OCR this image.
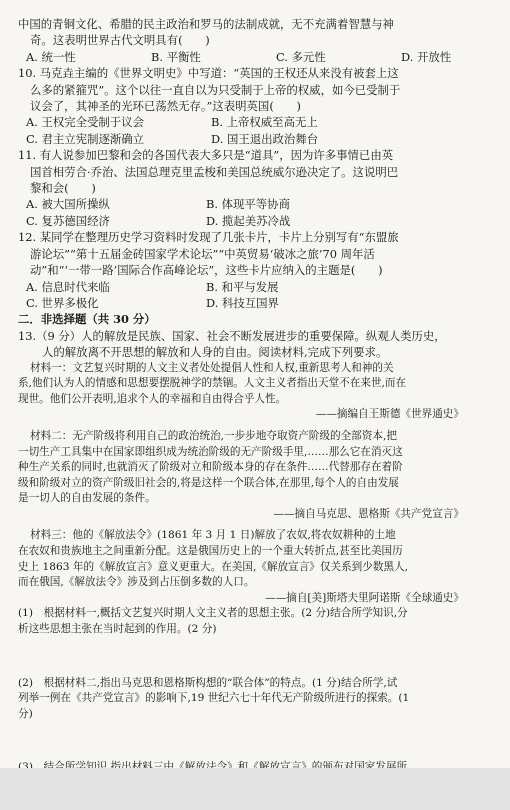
中国的青铜文化、希腊的民主政治和罗马的法制成就，无不充满着智慧与神
奇。这表明世界古代文明具有(　　)
A. 统一性	B. 平衡性	C. 多元性	D. 开放性
10. 马克垚主编的《世界文明史》中写道：“英国的王权还从来没有被套上这
么多的紧箍咒”。这个以往一直自以为只受制于上帝的权威，如今已受制于
议会了，其神圣的光环已荡然无存。”这表明英国(　　)
A. 王权完全受制于议会	B. 上帝权威至高无上
C. 君主立宪制逐渐确立	D. 国王退出政治舞台
11. 有人说参加巴黎和会的各国代表大多只是“道具”，因为许多事情已由英
国首相劳合·乔治、法国总理克里孟梭和美国总统威尔逊决定了。这说明巴
黎和会(　　)
A. 被大国所操纵	B. 体现平等协商
C. 复苏德国经济	D. 揽起美苏冷战
12. 某同学在整理历史学习资料时发现了几张卡片，卡片上分别写有“东盟旅
游论坛”“第十五届金砖国家学术论坛”“中英贸易‘破冰之旅’70 周年活
动”和“‘一带一路’国际合作高峰论坛”，这些卡片应纳入的主题是(　　)
A. 信息时代来临	B. 和平与发展
C. 世界多极化	D. 科技互国界
二．非选择题（共 30 分）
13.（9 分）人的解放是民族、国家、社会不断发展进步的重要保障。纵观人类历史，
人的解放离不开思想的解放和人身的自由。阅读材料,完成下列要求。
材料一：文艺复兴时期的人文主义者处处提倡人性和人权,重新思考人和神的关
系,他们认为人的情感和思想要摆脱神学的禁锢。人文主义者指出天堂不在来世,而在
现世。他们公开表明,追求个人的幸福和自由得合乎人性。
——摘编自王斯德《世界通史》
材料二：无产阶级将利用自己的政治统治,一步步地夺取资产阶级的全部资本,把
一切生产工具集中在国家即组织成为统治阶级的无产阶级手里,……那么它在消灭这
种生产关系的同时,也就消灭了阶级对立和阶级本身的存在条件……代替那存在着阶
级和阶级对立的资产阶级旧社会的,将是这样一个联合体,在那里,每个人的自由发展
是一切人的自由发展的条件。
——摘自马克思、恩格斯《共产党宣言》
材料三：他的《解放法令》(1861 年 3 月 1 日)解放了农奴,将农奴耕种的土地
在农奴和贵族地主之间重新分配。这是俄国历史上的一个重大转折点,甚至比美国历
史上 1863 年的《解放宣言》意义更重大。在美国,《解放宣言》仅关系到少数黑人,
而在俄国,《解放法令》涉及到占压倒多数的人口。
——摘自[美]斯塔夫里阿诺斯《全球通史》
(1)　根据材料一,概括文艺复兴时期人文主义者的思想主张。(2 分)结合所学知识,分
析这些思想主张在当时起到的作用。(2 分)
(2)　根据材料二,指出马克思和恩格斯构想的“联合体”的特点。(1 分)结合所学,试
列举一例在《共产党宣言》的影响下,19 世纪六七十年代无产阶级所进行的探索。(1
分)
